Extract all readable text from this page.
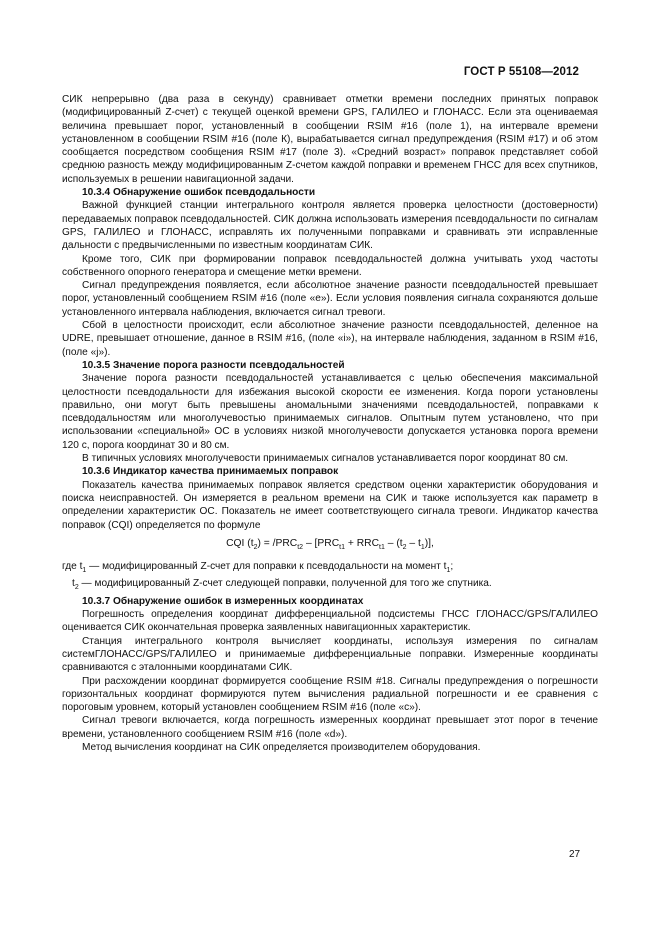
ГОСТ Р 55108—2012

СИК непрерывно (два раза в секунду) сравнивает отметки времени последних принятых поправок (модифицированный Z-счет) с текущей оценкой времени GPS, ГАЛИЛЕО и ГЛОНАСС. Если эта оцениваемая величина превышает порог, установленный в сообщении RSIM #16 (поле 1), на интервале времени установленном в сообщении RSIM #16 (поле К), вырабатывается сигнал предупреждения (RSIM #17) и об этом сообщается посредством сообщения RSIM #17 (поле 3). «Средний возраст» поправок представляет собой среднюю разность между модифицированным Z-счетом каждой поправки и временем ГНСС для всех спутников, используемых в решении навигационной задачи.

10.3.4 Обнаружение ошибок псевдодальности

Важной функцией станции интегрального контроля является проверка целостности (достоверности) передаваемых поправок псевдодальностей. СИК должна использовать измерения псевдодальности по сигналам GPS, ГАЛИЛЕО и ГЛОНАСС, исправлять их полученными поправками и сравнивать эти исправленные дальности с предвычисленными по известным координатам СИК.

Кроме того, СИК при формировании поправок псевдодальностей должна учитывать уход частоты собственного опорного генератора и смещение метки времени.

Сигнал предупреждения появляется, если абсолютное значение разности псевдодальностей превышает порог, установленный сообщением RSIM #16 (поле «е»). Если условия появления сигнала сохраняются дольше установленного интервала наблюдения, включается сигнал тревоги.

Сбой в целостности происходит, если абсолютное значение разности псевдодальностей, деленное на UDRE, превышает отношение, данное в RSIM #16, (поле «i»), на интервале наблюдения, заданном в RSIM #16, (поле «j»).

10.3.5 Значение порога разности псевдодальностей

Значение порога разности псевдодальностей устанавливается с целью обеспечения максимальной целостности псевдодальности для избежания высокой скорости ее изменения. Когда пороги установлены правильно, они могут быть превышены аномальными значениями псевдодальностей, поправками к псевдодальностям или многолучевостью принимаемых сигналов. Опытным путем установлено, что при использовании «специальной» ОС в условиях низкой многолучевости допускается установка порога времени 120 с, порога координат 30 и 80 см.

В типичных условиях многолучевости принимаемых сигналов устанавливается порог координат 80 см.

10.3.6 Индикатор качества принимаемых поправок

Показатель качества принимаемых поправок является средством оценки характеристик оборудования и поиска неисправностей. Он измеряется в реальном времени на СИК и также используется как параметр в определении характеристик ОС. Показатель не имеет соответствующего сигнала тревоги. Индикатор качества поправок (CQI) определяется по формуле

CQI $(t_2) = /PRC_{t2} - [PRC_{t1} + RRC_{t1} - (t_2 - t_1)]$,

где $t_1$ — модифицированный Z-счет для поправки к псевдодальности на момент $t_1$;

$t_2$ — модифицированный Z-счет следующей поправки, полученной для того же спутника.

10.3.7 Обнаружение ошибок в измеренных координатах

Погрешность определения координат дифференциальной подсистемы ГНСС ГЛОНАСС/GPS/ГАЛИЛЕО оценивается СИК окончательная проверка заявленных навигационных характеристик.

Станция интегрального контроля вычисляет координаты, используя измерения по сигналам системГЛОНАСС/GPS/ГАЛИЛЕО и принимаемые дифференциальные поправки. Измеренные координаты сравниваются с эталонными координатами СИК.

При расхождении координат формируется сообщение RSIM #18. Сигналы предупреждения о погрешности горизонтальных координат формируются путем вычисления радиальной погрешности и ее сравнения с пороговым уровнем, который установлен сообщением RSIM #16 (поле «с»).

Сигнал тревоги включается, когда погрешность измеренных координат превышает этот порог в течение времени, установленного сообщением RSIM #16 (поле «d»).

Метод вычисления координат на СИК определяется производителем оборудования.

27
